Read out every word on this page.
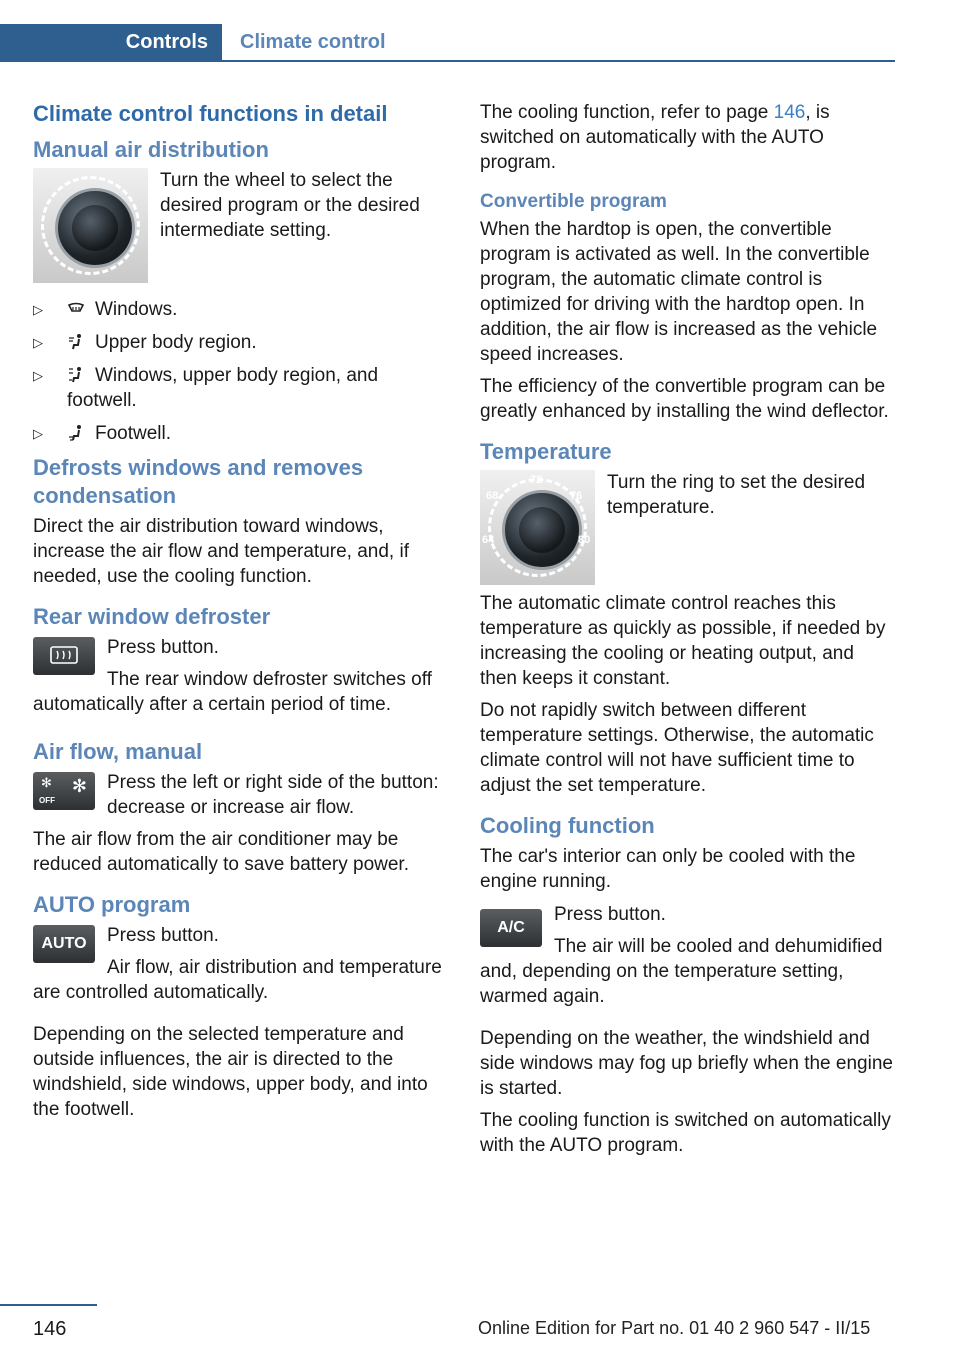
Controls	Climate control
Climate control functions in detail
Manual air distribution

Turn the wheel to select the desired program or the desired intermediate setting.

▷	Windows.
▷	Upper body region.
▷	Windows, upper body region, and footwell.
▷	Footwell.
Defrosts windows and removes condensation

Direct the air distribution toward windows, increase the air flow and temperature, and, if needed, use the cooling function.

Rear window defroster

Press button.

The rear window defroster switches off automatically after a certain period of time.

Air flow, manual
✻
OFF
✻	Press the left or right side of the button: decrease or increase air flow.

The air flow from the air conditioner may be reduced automatically to save battery power.

AUTO program
AUTO	Press button.

Air flow, air distribution and temperature are controlled automatically.

Depending on the selected temperature and outside influences, the air is directed to the windshield, side windows, upper body, and into the footwell.

The cooling function, refer to page 146, is switched on automatically with the AUTO program.

Convertible program

When the hardtop is open, the convertible program is activated as well. In the convertible program, the automatic climate control is optimized for driving with the hardtop open. In addition, the air flow is increased as the vehicle speed increases.

The efficiency of the convertible program can be greatly enhanced by installing the wind deflector.

Temperature
72
76
80
68
64

Turn the ring to set the desired temperature.

The automatic climate control reaches this temperature as quickly as possible, if needed by increasing the cooling or heating output, and then keeps it constant.

Do not rapidly switch between different temperature settings. Otherwise, the automatic climate control will not have sufficient time to adjust the set temperature.

Cooling function

The car's interior can only be cooled with the engine running.

A/C

Press button.

The air will be cooled and dehumidified and, depending on the temperature setting, warmed again.

Depending on the weather, the windshield and side windows may fog up briefly when the engine is started.

The cooling function is switched on automatically with the AUTO program.

146	Online Edition for Part no. 01 40 2 960 547 - II/15
